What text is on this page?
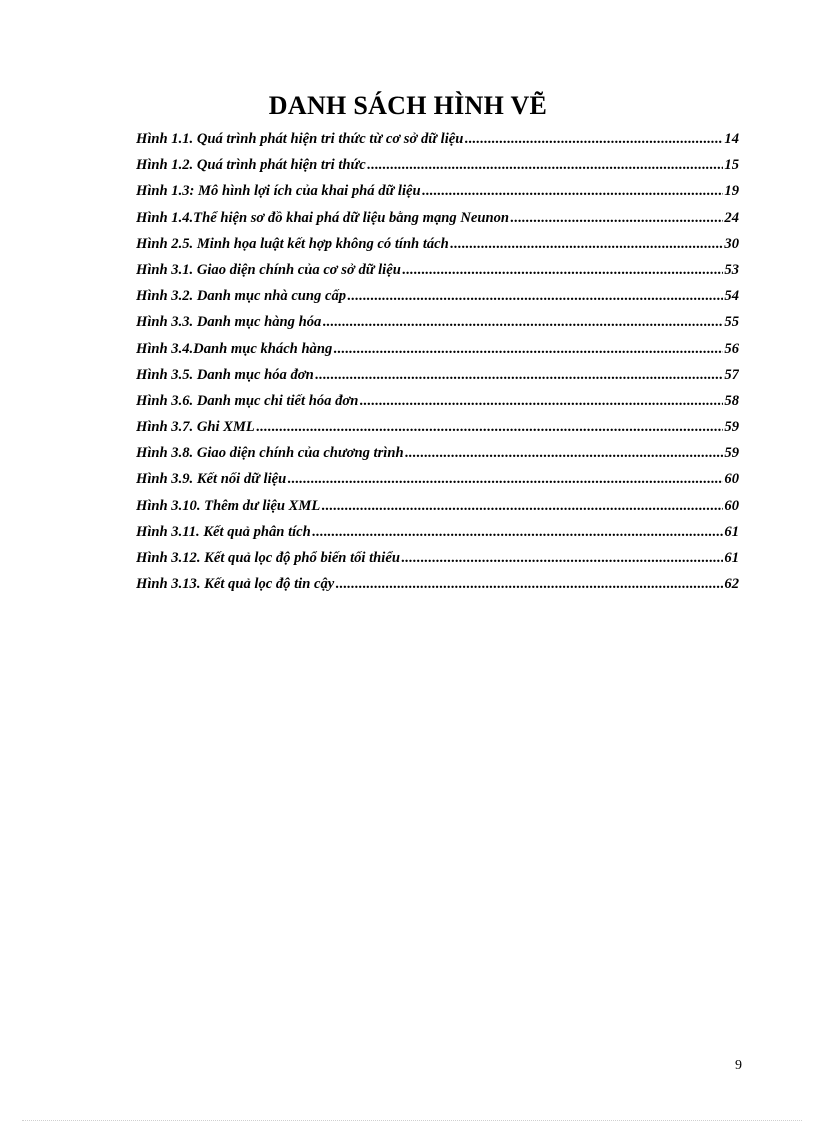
DANH SÁCH HÌNH VẼ
Hình 1.1. Quá trình phát hiện tri thức từ cơ sở dữ liệu .....	14
Hình 1.2. Quá trình phát hiện tri thức .....	15
Hình 1.3: Mô hình lợi ích của khai phá dữ liệu .....	19
Hình 1.4.Thể hiện sơ đồ khai phá dữ liệu bằng mạng Neunon .....	24
Hình 2.5. Minh họa luật kết hợp không có tính tách .....	30
Hình 3.1. Giao diện chính của cơ sở dữ liệu .....	53
Hình 3.2. Danh mục nhà cung cấp .....	54
Hình 3.3. Danh mục hàng hóa .....	55
Hình 3.4.Danh mục khách hàng .....	56
Hình 3.5. Danh mục hóa đơn .....	57
Hình 3.6. Danh mục chi tiết hóa đơn .....	58
Hình 3.7. Ghi XML .....	59
Hình 3.8. Giao diện chính của chương trình .....	59
Hình 3.9. Kết nối dữ liệu .....	60
Hình 3.10. Thêm dư liệu XML .....	60
Hình 3.11. Kết quả phân tích .....	61
Hình 3.12. Kết quả lọc độ phổ biến tối thiểu .....	61
Hình 3.13. Kết quả lọc độ tin cậy .....	62
9
